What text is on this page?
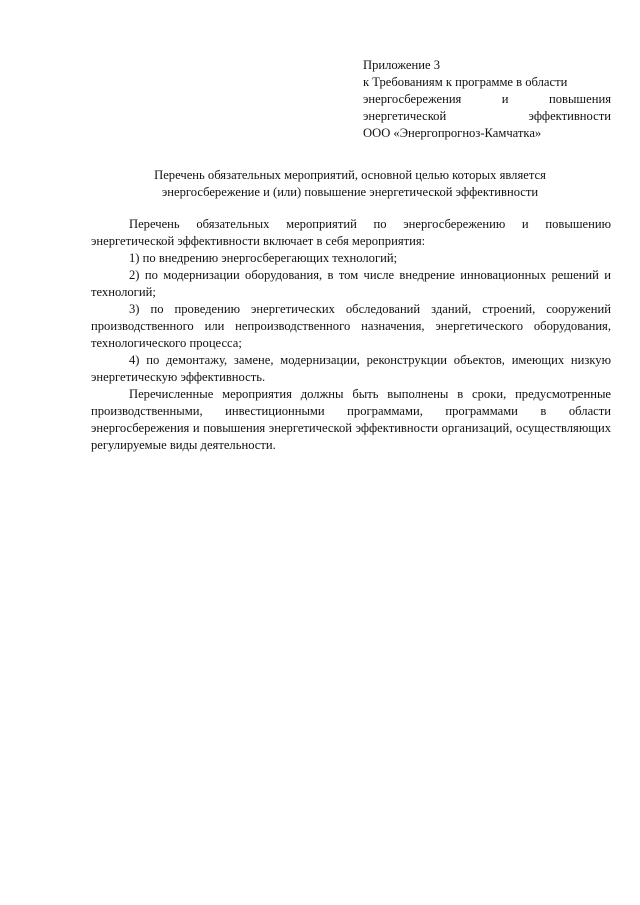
Приложение 3
к Требованиям к программе в области
энергосбережения и повышения
энергетической эффективности
ООО «Энергопрогноз-Камчатка»
Перечень обязательных мероприятий, основной целью которых является
энергосбережение и (или) повышение энергетической эффективности

Перечень обязательных мероприятий по энергосбережению и повышению энергетической эффективности включает в себя мероприятия:

1) по внедрению энергосберегающих технологий;

2) по модернизации оборудования, в том числе внедрение инновационных решений и технологий;

3) по проведению энергетических обследований зданий, строений, сооружений производственного или непроизводственного назначения, энергетического оборудования, технологического процесса;

4) по демонтажу, замене, модернизации, реконструкции объектов, имеющих низкую энергетическую эффективность.

Перечисленные мероприятия должны быть выполнены в сроки, предусмотренные производственными, инвестиционными программами, программами в области энергосбережения и повышения энергетической эффективности организаций, осуществляющих регулируемые виды деятельности.
